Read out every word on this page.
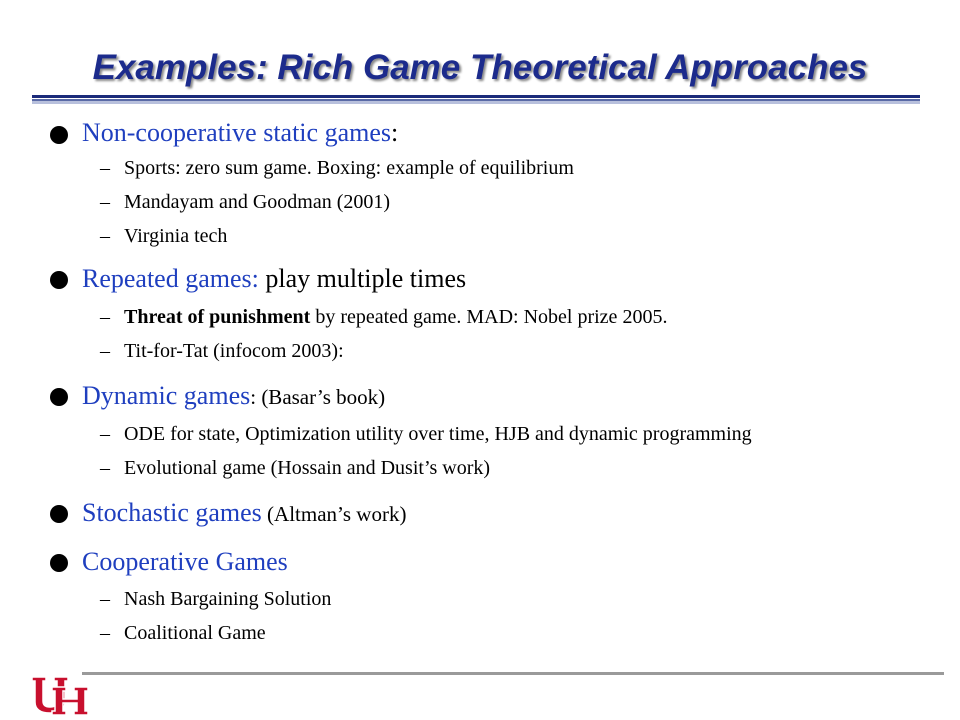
Examples: Rich Game Theoretical Approaches
Non-cooperative static games:
– Sports: zero sum game. Boxing: example of equilibrium
– Mandayam and Goodman (2001)
– Virginia tech
Repeated games: play multiple times
– Threat of punishment by repeated game. MAD: Nobel prize 2005.
– Tit-for-Tat (infocom 2003):
Dynamic games: (Basar’s book)
– ODE for state, Optimization utility over time, HJB and dynamic programming
– Evolutional game (Hossain and Dusit’s work)
Stochastic games (Altman’s work)
Cooperative Games
– Nash Bargaining Solution
– Coalitional Game
